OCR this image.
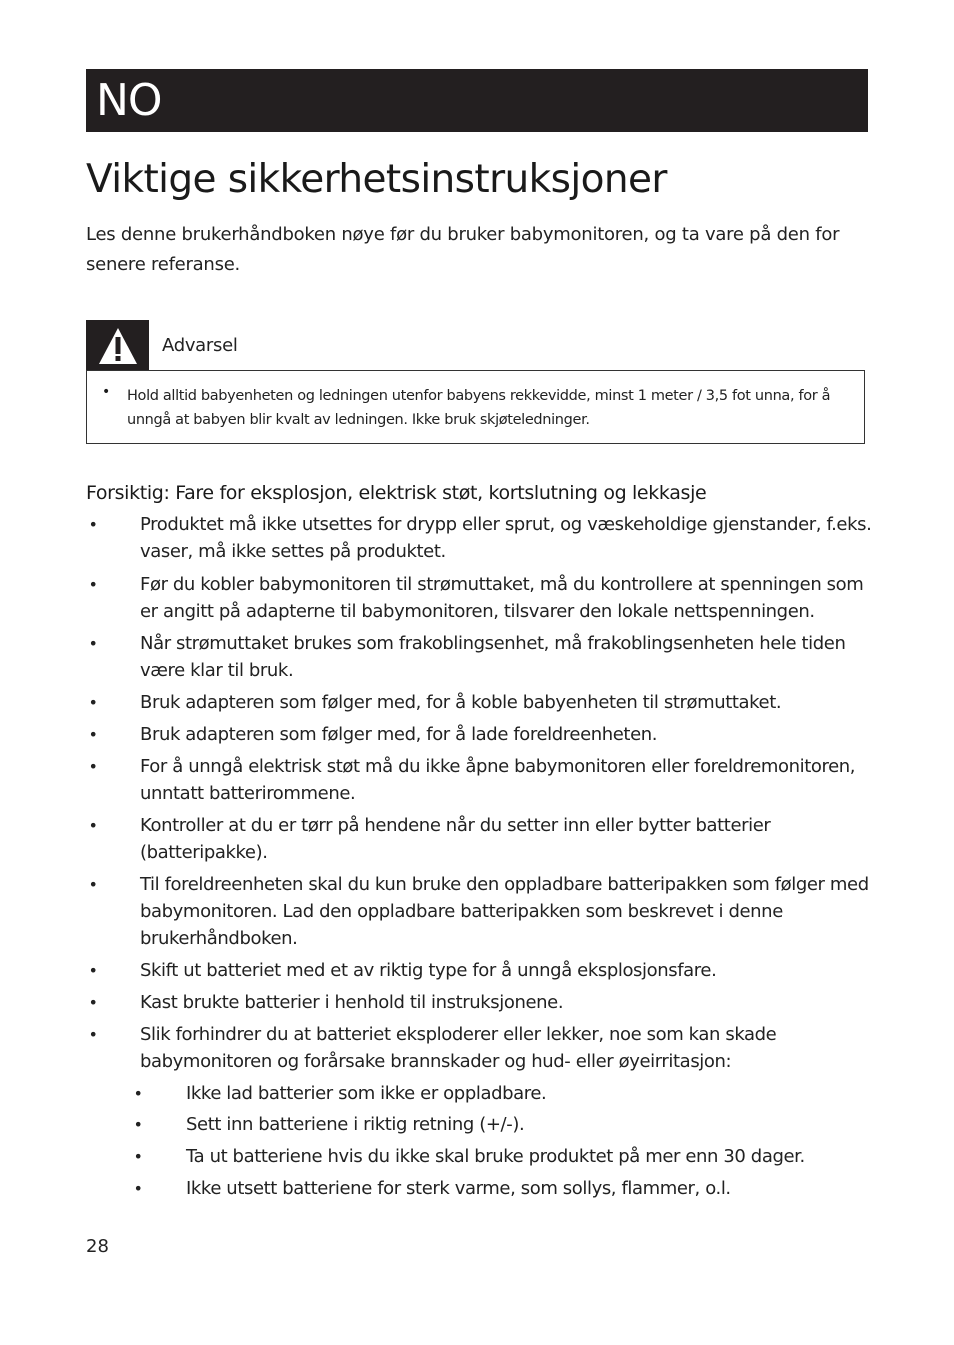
NO
Viktige sikkerhetsinstruksjoner
Les denne brukerhåndboken nøye før du bruker babymonitoren, og ta vare på den for senere referanse.
Advarsel
• Hold alltid babyenheten og ledningen utenfor babyens rekkevidde, minst 1 meter / 3,5 fot unna, for å unngå at babyen blir kvalt av ledningen. Ikke bruk skjøteledninger.
Forsiktig: Fare for eksplosjon, elektrisk støt, kortslutning og lekkasje
• Produktet må ikke utsettes for drypp eller sprut, og væskeholdige gjenstander, f.eks. vaser, må ikke settes på produktet.
• Før du kobler babymonitoren til strømuttaket, må du kontrollere at spenningen som er angitt på adapterne til babymonitoren, tilsvarer den lokale nettspenningen.
• Når strømuttaket brukes som frakoblingsenhet, må frakoblingsenheten hele tiden være klar til bruk.
• Bruk adapteren som følger med, for å koble babyenheten til strømuttaket.
• Bruk adapteren som følger med, for å lade foreldreenheten.
• For å unngå elektrisk støt må du ikke åpne babymonitoren eller foreldremonitoren, unntatt batterirommene.
• Kontroller at du er tørr på hendene når du setter inn eller bytter batterier (batteripakke).
• Til foreldreenheten skal du kun bruke den oppladbare batteripakken som følger med babymonitoren. Lad den oppladbare batteripakken som beskrevet i denne brukerhåndboken.
• Skift ut batteriet med et av riktig type for å unngå eksplosjonsfare.
• Kast brukte batterier i henhold til instruksjonene.
• Slik forhindrer du at batteriet eksploderer eller lekker, noe som kan skade babymonitoren og forårsake brannskader og hud- eller øyeirritasjon:
• Ikke lad batterier som ikke er oppladbare.
• Sett inn batteriene i riktig retning (+/-).
• Ta ut batteriene hvis du ikke skal bruke produktet på mer enn 30 dager.
• Ikke utsett batteriene for sterk varme, som sollys, flammer, o.l.
28
